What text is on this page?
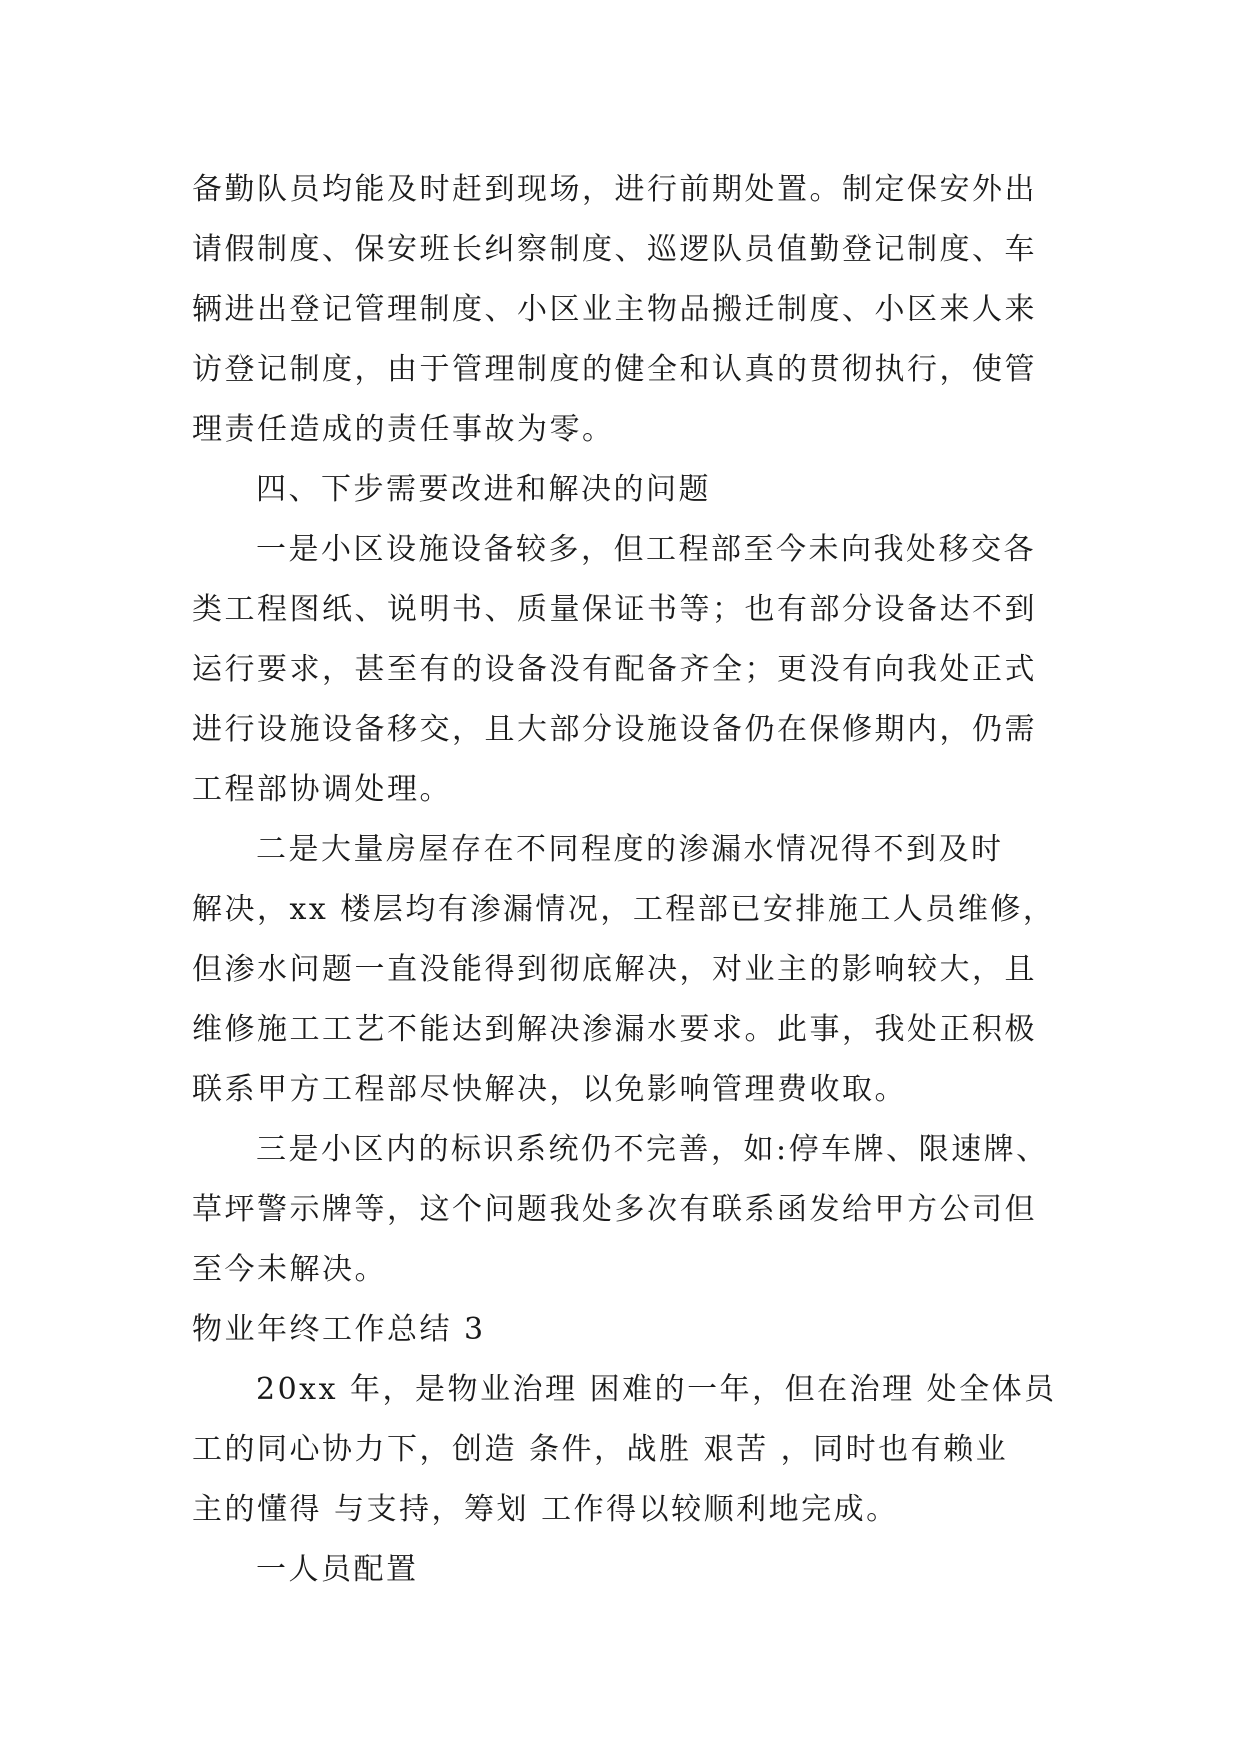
备勤队员均能及时赶到现场，进行前期处置。制定保安外出
请假制度、保安班长纠察制度、巡逻队员值勤登记制度、车
辆进出登记管理制度、小区业主物品搬迁制度、小区来人来
访登记制度，由于管理制度的健全和认真的贯彻执行，使管
理责任造成的责任事故为零。
四、下步需要改进和解决的问题
一是小区设施设备较多，但工程部至今未向我处移交各
类工程图纸、说明书、质量保证书等；也有部分设备达不到
运行要求，甚至有的设备没有配备齐全；更没有向我处正式
进行设施设备移交，且大部分设施设备仍在保修期内，仍需
工程部协调处理。
二是大量房屋存在不同程度的渗漏水情况得不到及时
解决，xx 楼层均有渗漏情况，工程部已安排施工人员维修，
但渗水问题一直没能得到彻底解决，对业主的影响较大，且
维修施工工艺不能达到解决渗漏水要求。此事，我处正积极
联系甲方工程部尽快解决，以免影响管理费收取。
三是小区内的标识系统仍不完善，如:停车牌、限速牌、
草坪警示牌等，这个问题我处多次有联系函发给甲方公司但
至今未解决。
物业年终工作总结 3
20xx 年，是物业治理 困难的一年，但在治理 处全体员
工的同心协力下，创造 条件，战胜 艰苦 ，同时也有赖业
主的懂得 与支持，筹划 工作得以较顺利地完成。
一人员配置
